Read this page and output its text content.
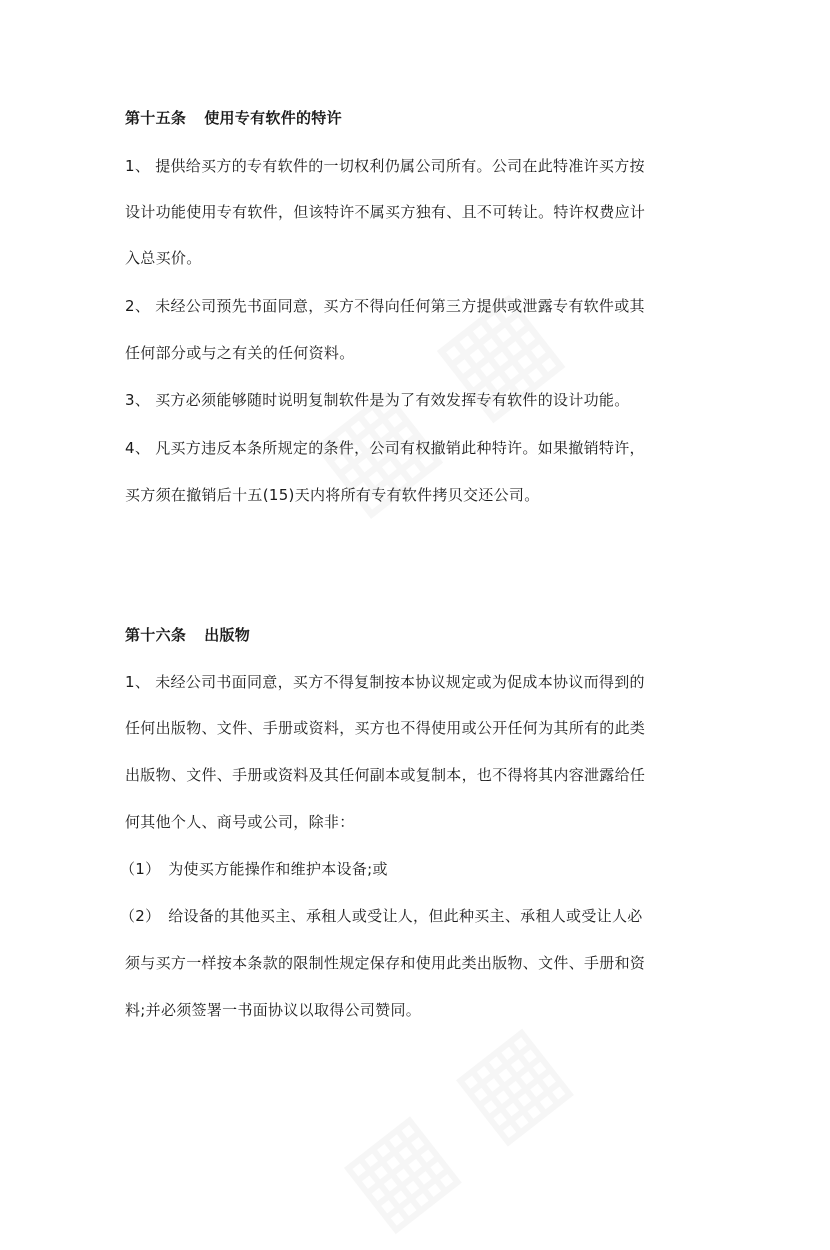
第十五条 使用专有软件的特许
1、 提供给买方的专有软件的一切权利仍属公司所有。公司在此特准许买方按
设计功能使用专有软件，但该特许不属买方独有、且不可转让。特许权费应计
入总买价。
2、 未经公司预先书面同意，买方不得向任何第三方提供或泄露专有软件或其
任何部分或与之有关的任何资料。
3、 买方必须能够随时说明复制软件是为了有效发挥专有软件的设计功能。
4、 凡买方违反本条所规定的条件，公司有权撤销此种特许。如果撤销特许，
买方须在撤销后十五(15)天内将所有专有软件拷贝交还公司。
第十六条 出版物
1、 未经公司书面同意，买方不得复制按本协议规定或为促成本协议而得到的
任何出版物、文件、手册或资料，买方也不得使用或公开任何为其所有的此类
出版物、文件、手册或资料及其任何副本或复制本，也不得将其内容泄露给任
何其他个人、商号或公司，除非：
（1）　为使买方能操作和维护本设备;或
（2）　给设备的其他买主、承租人或受让人，但此种买主、承租人或受让人必
须与买方一样按本条款的限制性规定保存和使用此类出版物、文件、手册和资
料;并必须签署一书面协议以取得公司赞同。
